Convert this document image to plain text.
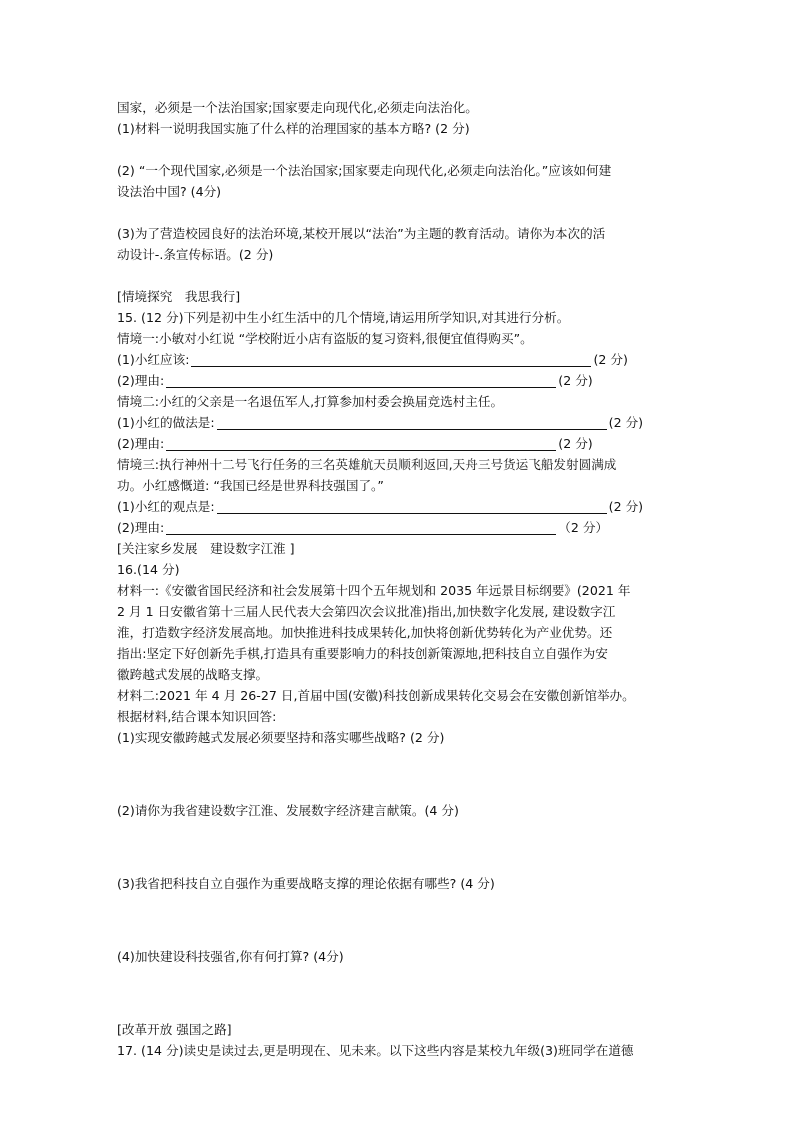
国家，必须是一个法治国家;国家要走向现代化,必须走向法治化。
(1)材料一说明我国实施了什么样的治理国家的基本方略? (2 分)
(2) “一个现代国家,必须是一个法治国家;国家要走向现代化,必须走向法治化。”应该如何建
设法治中国? (4分)
(3)为了营造校园良好的法治环境,某校开展以“法治”为主题的教育活动。请你为本次的活
动设计-.条宣传标语。(2 分)
[情境探究　我思我行]
15. (12 分)下列是初中生小红生活中的几个情境,请运用所学知识,对其进行分析。
情境一:小敏对小红说 “学校附近小店有盗版的复习资料,很便宜值得购买”。
(1)小红应该:	(2 分)
(2)理由:	(2 分)
情境二:小红的父亲是一名退伍军人,打算参加村委会换届竞选村主任。
(1)小红的做法是:	(2 分)
(2)理由:	(2 分)
情境三:执行神州十二号飞行任务的三名英雄航天员顺利返回,天舟三号货运飞船发射圆满成
功。小红感慨道: “我国已经是世界科技强国了。”
(1)小红的观点是:	(2 分)
(2)理由:	（2 分）
[关注家乡发展　建设数字江淮 ]
16.(14 分)
材料一:《安徽省国民经济和社会发展第十四个五年规划和 2035 年远景目标纲要》(2021 年
2 月 1 日安徽省第十三届人民代表大会第四次会议批准)指出,加快数字化发展, 建设数字江
淮，打造数字经济发展高地。加快推进科技成果转化,加快将创新优势转化为产业优势。还
指出:坚定下好创新先手棋,打造具有重要影响力的科技创新策源地,把科技自立自强作为安
徽跨越式发展的战略支撑。
材料二:2021 年 4 月 26-27 日,首届中国(安徽)科技创新成果转化交易会在安徽创新馆举办。
根据材料,结合课本知识回答:
(1)实现安徽跨越式发展必须要坚持和落实哪些战略? (2 分)
(2)请你为我省建设数字江淮、发展数字经济建言献策。(4 分)
(3)我省把科技自立自强作为重要战略支撑的理论依据有哪些? (4 分)
(4)加快建设科技强省,你有何打算? (4分)
[改革开放 强国之路]
17. (14 分)读史是读过去,更是明现在、见未来。以下这些内容是某校九年级(3)班同学在道德
